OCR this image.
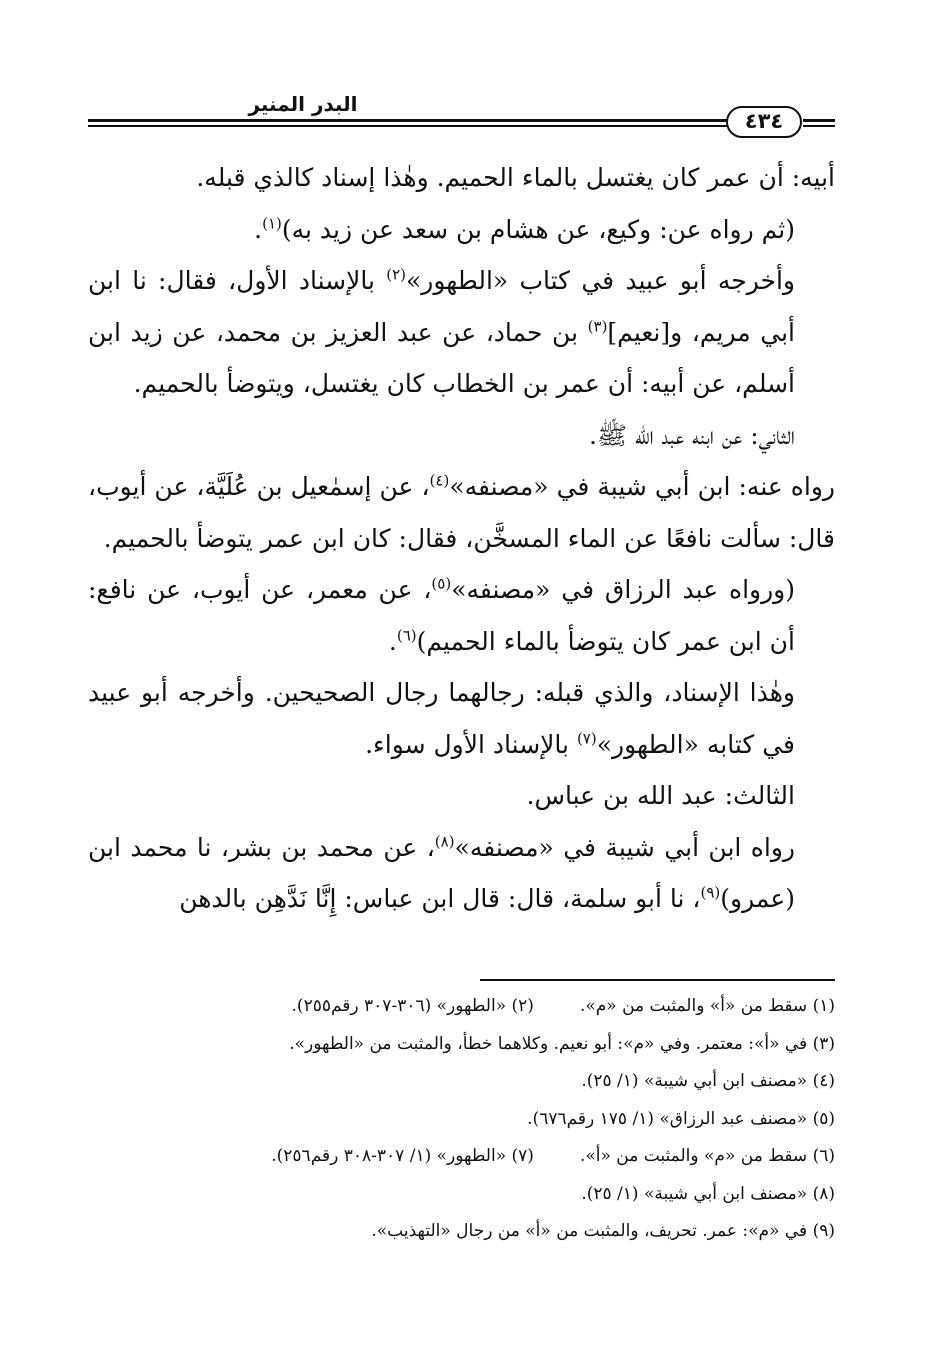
البدر المنير
٤٣٤

أبيه: أن عمر كان يغتسل بالماء الحميم. وهٰذا إسناد كالذي قبله.

(ثم رواه عن: وكيع، عن هشام بن سعد عن زيد به)$^{(١)}$.

وأخرجه أبو عبيد في كتاب «الطهور»$^{(٢)}$ بالإسناد الأول، فقال: نا ابن أبي مريم، و[نعيم]$^{(٣)}$ بن حماد، عن عبد العزيز بن محمد، عن زيد ابن أسلم، عن أبيه: أن عمر بن الخطاب كان يغتسل، ويتوضأ بالحميم.

الثاني: عن ابنه عبد الله ﷺ.

رواه عنه: ابن أبي شيبة في «مصنفه»$^{(٤)}$، عن إسمٰعيل بن عُلَيَّة، عن أيوب، قال: سألت نافعًا عن الماء المسخَّن، فقال: كان ابن عمر يتوضأ بالحميم.

(ورواه عبد الرزاق في «مصنفه»$^{(٥)}$، عن معمر، عن أيوب، عن نافع: أن ابن عمر كان يتوضأ بالماء الحميم)$^{(٦)}$.

وهٰذا الإسناد، والذي قبله: رجالهما رجال الصحيحين. وأخرجه أبو عبيد في كتابه «الطهور»$^{(٧)}$ بالإسناد الأول سواء.

الثالث: عبد الله بن عباس.

رواه ابن أبي شيبة في «مصنفه»$^{(٨)}$، عن محمد بن بشر، نا محمد ابن (عمرو)$^{(٩)}$، نا أبو سلمة، قال: قال ابن عباس: إِنَّا نَدَّهِن بالدهن

(١) سقط من «أ» والمثبت من «م».(٢) «الطهور» (٣٠٦-٣٠٧ رقم٢٥٥).
(٣) في «أ»: معتمر. وفي «م»: أبو نعيم. وكلاهما خطأ، والمثبت من «الطهور».
(٤) «مصنف ابن أبي شيبة» (١/ ٢٥).
(٥) «مصنف عبد الرزاق» (١/ ١٧٥ رقم٦٧٦).
(٦) سقط من «م» والمثبت من «أ».(٧) «الطهور» (١/ ٣٠٧-٣٠٨ رقم٢٥٦).
(٨) «مصنف ابن أبي شيبة» (١/ ٢٥).
(٩) في «م»: عمر. تحريف، والمثبت من «أ» من رجال «التهذيب».
